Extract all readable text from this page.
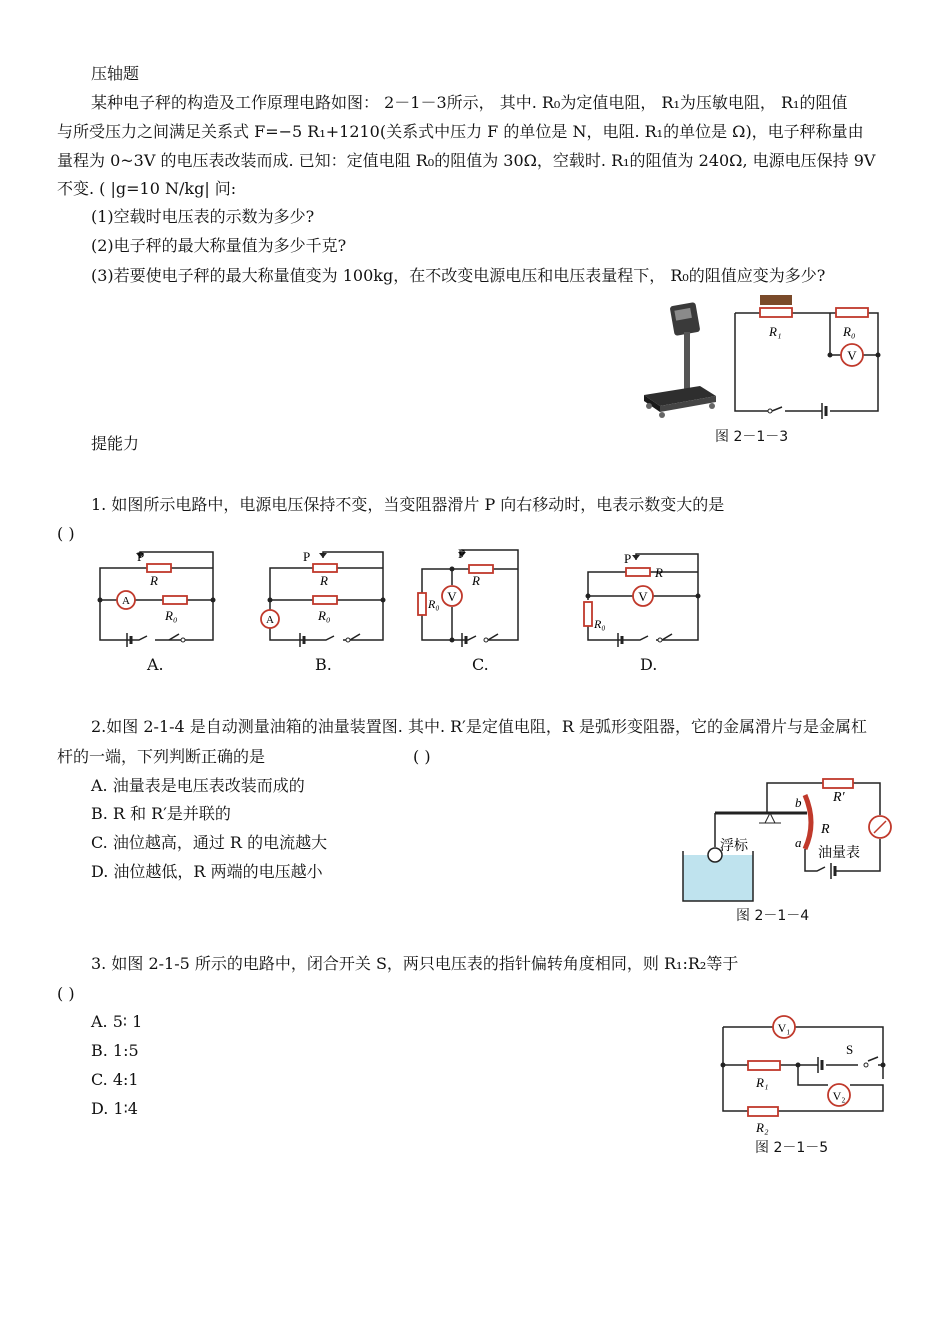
压轴题
某种电子秤的构造及工作原理电路如图： 2－1－3所示， 其中. R₀为定值电阻， R₁为压敏电阻， R₁的阻值
与所受压力之间满足关系式 F=−5 R₁+1210(关系式中压力 F 的单位是 N，电阻. R₁的单位是 Ω)，电子秤称量由
量程为 0~3V 的电压表改装而成. 已知：定值电阻 R₀的阻值为 30Ω，空载时. R₁的阻值为 240Ω, 电源电压保持 9V
不变. ( |g=10 N/kg| 问:
(1)空载时电压表的示数为多少?
(2)电子秤的最大称量值为多少千克?
(3)若要使电子秤的最大称量值变为 100kg，在不改变电源电压和电压表量程下， R₀的阻值应变为多少?
V
R₁	R₀
图 2－1－3
提能力
1. 如图所示电路中，电源电压保持不变，当变阻器滑片 P 向右移动时，电表示数变大的是
( )
P
R
R₀
A
A.
P
R
R₀
A
B.
P
R
R₀ V
C.
P
R
R₀
V
D.
2.如图 2-1-4 是自动测量油箱的油量装置图. 其中. R′是定值电阻，R 是弧形变阻器，它的金属滑片与是金属杠
杆的一端，下列判断正确的是	( )
A. 油量表是电压表改装而成的
B. R 和 R′是并联的
C. 油位越高，通过 R 的电流越大
D. 油位越低，R 两端的电压越小
浮标	油量表
R
R′
b
a
图 2－1－4
3. 如图 2-1-5 所示的电路中，闭合开关 S，两只电压表的指针偏转角度相同，则 R₁:R₂等于
( )
A. 5∶ 1
B. 1:5
C. 4:1
D. 1∶4
V₁
V₂
R₁
R₂
S
图 2－1－5
